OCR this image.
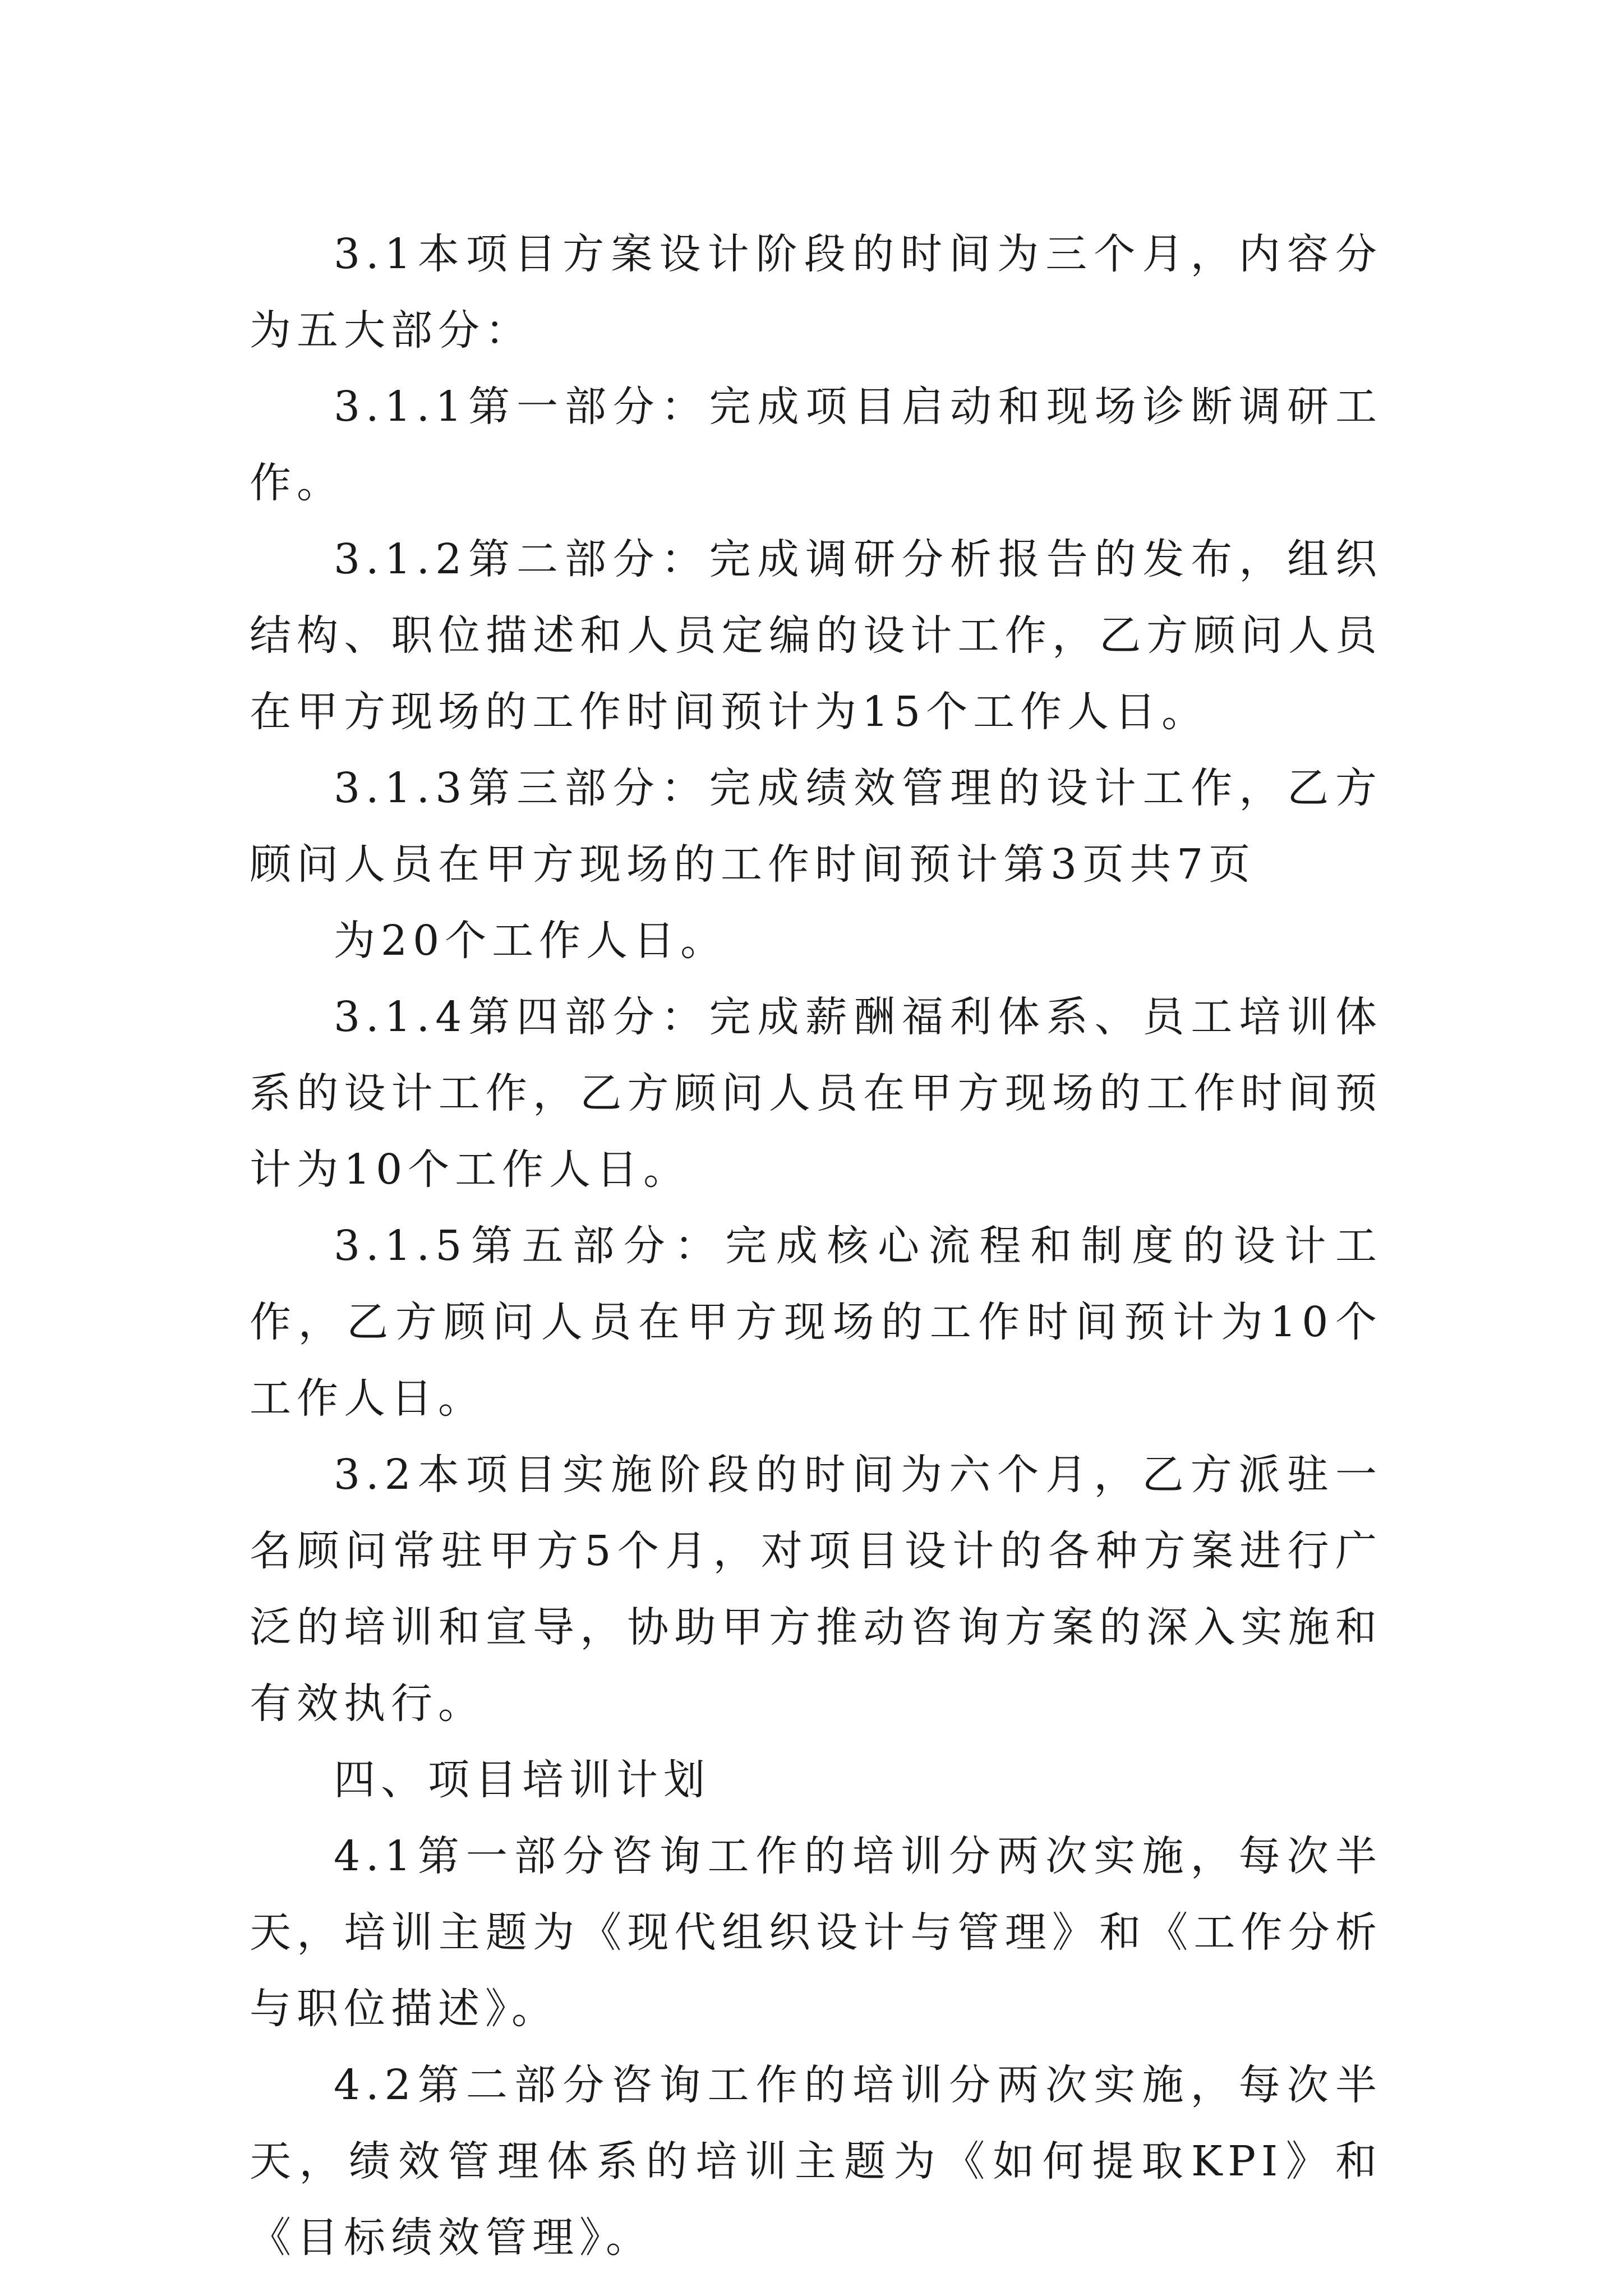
3.1本项目方案设计阶段的时间为三个月，内容分为五大部分：

3.1.1第一部分：完成项目启动和现场诊断调研工作。

3.1.2第二部分：完成调研分析报告的发布，组织结构、职位描述和人员定编的设计工作，乙方顾问人员在甲方现场的工作时间预计为15个工作人日。

3.1.3第三部分：完成绩效管理的设计工作，乙方顾问人员在甲方现场的工作时间预计第3页共7页

为20个工作人日。

3.1.4第四部分：完成薪酬福利体系、员工培训体系的设计工作，乙方顾问人员在甲方现场的工作时间预计为10个工作人日。

3.1.5第五部分：完成核心流程和制度的设计工作，乙方顾问人员在甲方现场的工作时间预计为10个工作人日。

3.2本项目实施阶段的时间为六个月，乙方派驻一名顾问常驻甲方5个月，对项目设计的各种方案进行广泛的培训和宣导，协助甲方推动咨询方案的深入实施和有效执行。

四、项目培训计划

4.1第一部分咨询工作的培训分两次实施，每次半天，培训主题为《现代组织设计与管理》和《工作分析与职位描述》。

4.2第二部分咨询工作的培训分两次实施，每次半天，绩效管理体系的培训主题为《如何提取KPI》和《目标绩效管理》。
